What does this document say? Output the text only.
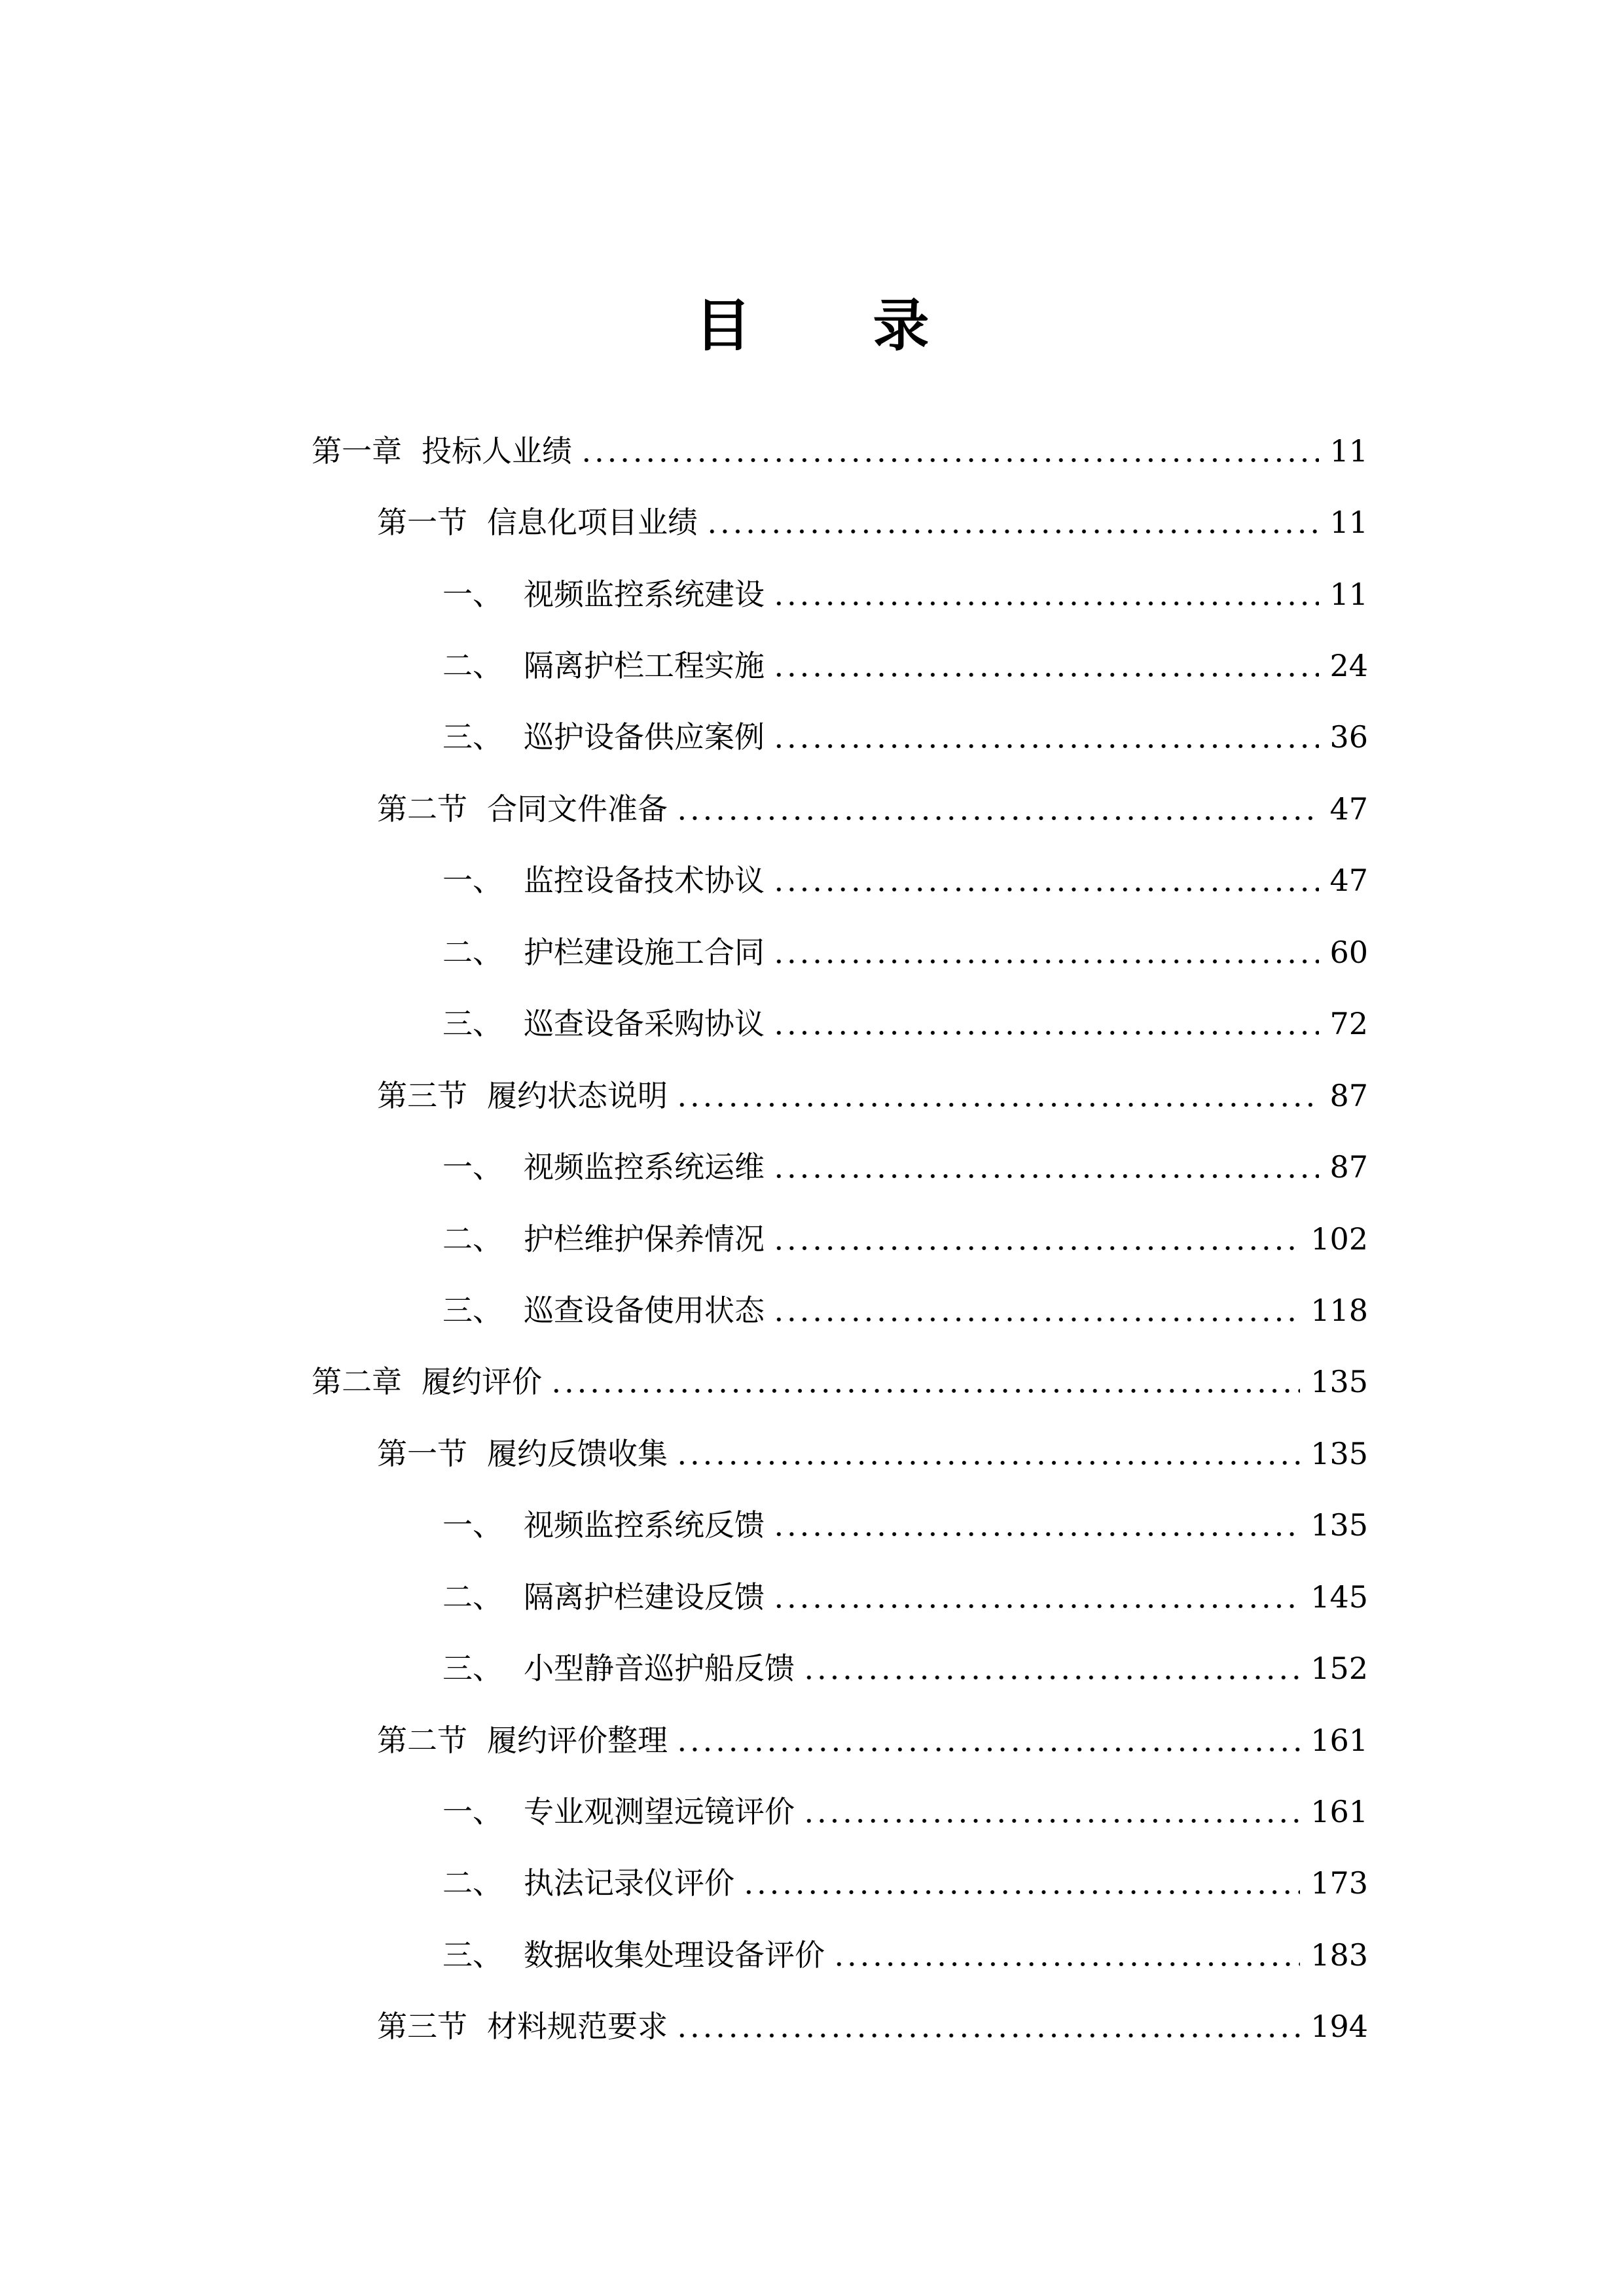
目 录
第一章 投标人业绩	11
第一节 信息化项目业绩	11
一、 视频监控系统建设	11
二、 隔离护栏工程实施	24
三、 巡护设备供应案例	36
第二节 合同文件准备	47
一、 监控设备技术协议	47
二、 护栏建设施工合同	60
三、 巡查设备采购协议	72
第三节 履约状态说明	87
一、 视频监控系统运维	87
二、 护栏维护保养情况	102
三、 巡查设备使用状态	118
第二章 履约评价	135
第一节 履约反馈收集	135
一、 视频监控系统反馈	135
二、 隔离护栏建设反馈	145
三、 小型静音巡护船反馈	152
第二节 履约评价整理	161
一、 专业观测望远镜评价	161
二、 执法记录仪评价	173
三、 数据收集处理设备评价	183
第三节 材料规范要求	194
